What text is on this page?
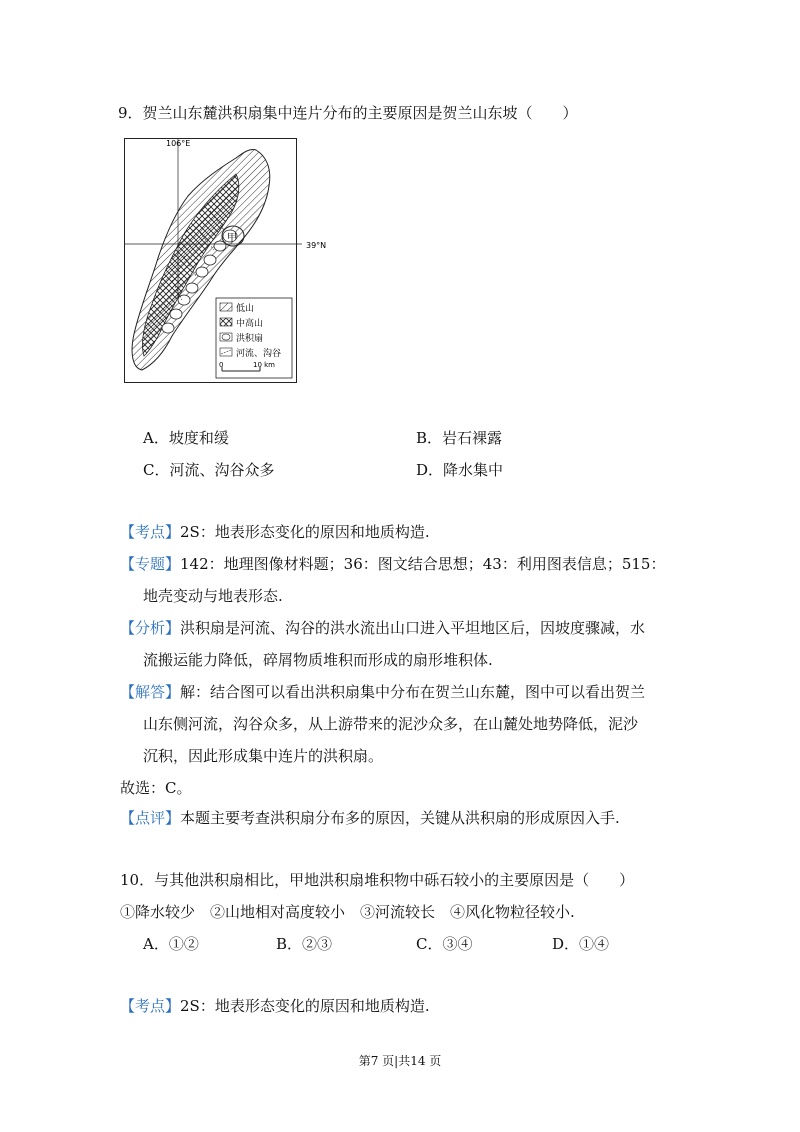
9．贺兰山东麓洪积扇集中连片分布的主要原因是贺兰山东坡（　　）
甲
106°E
39°N
低山
中高山
洪积扇
河流、沟谷
0	10 km
A．坡度和缓	B．岩石裸露
C．河流、沟谷众多	D．降水集中
【考点】2S：地表形态变化的原因和地质构造.
【专题】142：地理图像材料题；36：图文结合思想；43：利用图表信息；515：
地壳变动与地表形态.
【分析】洪积扇是河流、沟谷的洪水流出山口进入平坦地区后，因坡度骤减，水
流搬运能力降低，碎屑物质堆积而形成的扇形堆积体.
【解答】解：结合图可以看出洪积扇集中分布在贺兰山东麓，图中可以看出贺兰
山东侧河流，沟谷众多，从上游带来的泥沙众多，在山麓处地势降低，泥沙
沉积，因此形成集中连片的洪积扇。
故选：C。
【点评】本题主要考查洪积扇分布多的原因，关键从洪积扇的形成原因入手.
10．与其他洪积扇相比，甲地洪积扇堆积物中砾石较小的主要原因是（　　）
①降水较少　②山地相对高度较小　③河流较长　④风化物粒径较小.
A．①②	B．②③	C．③④	D．①④
【考点】2S：地表形态变化的原因和地质构造.
第7 页|共14 页
